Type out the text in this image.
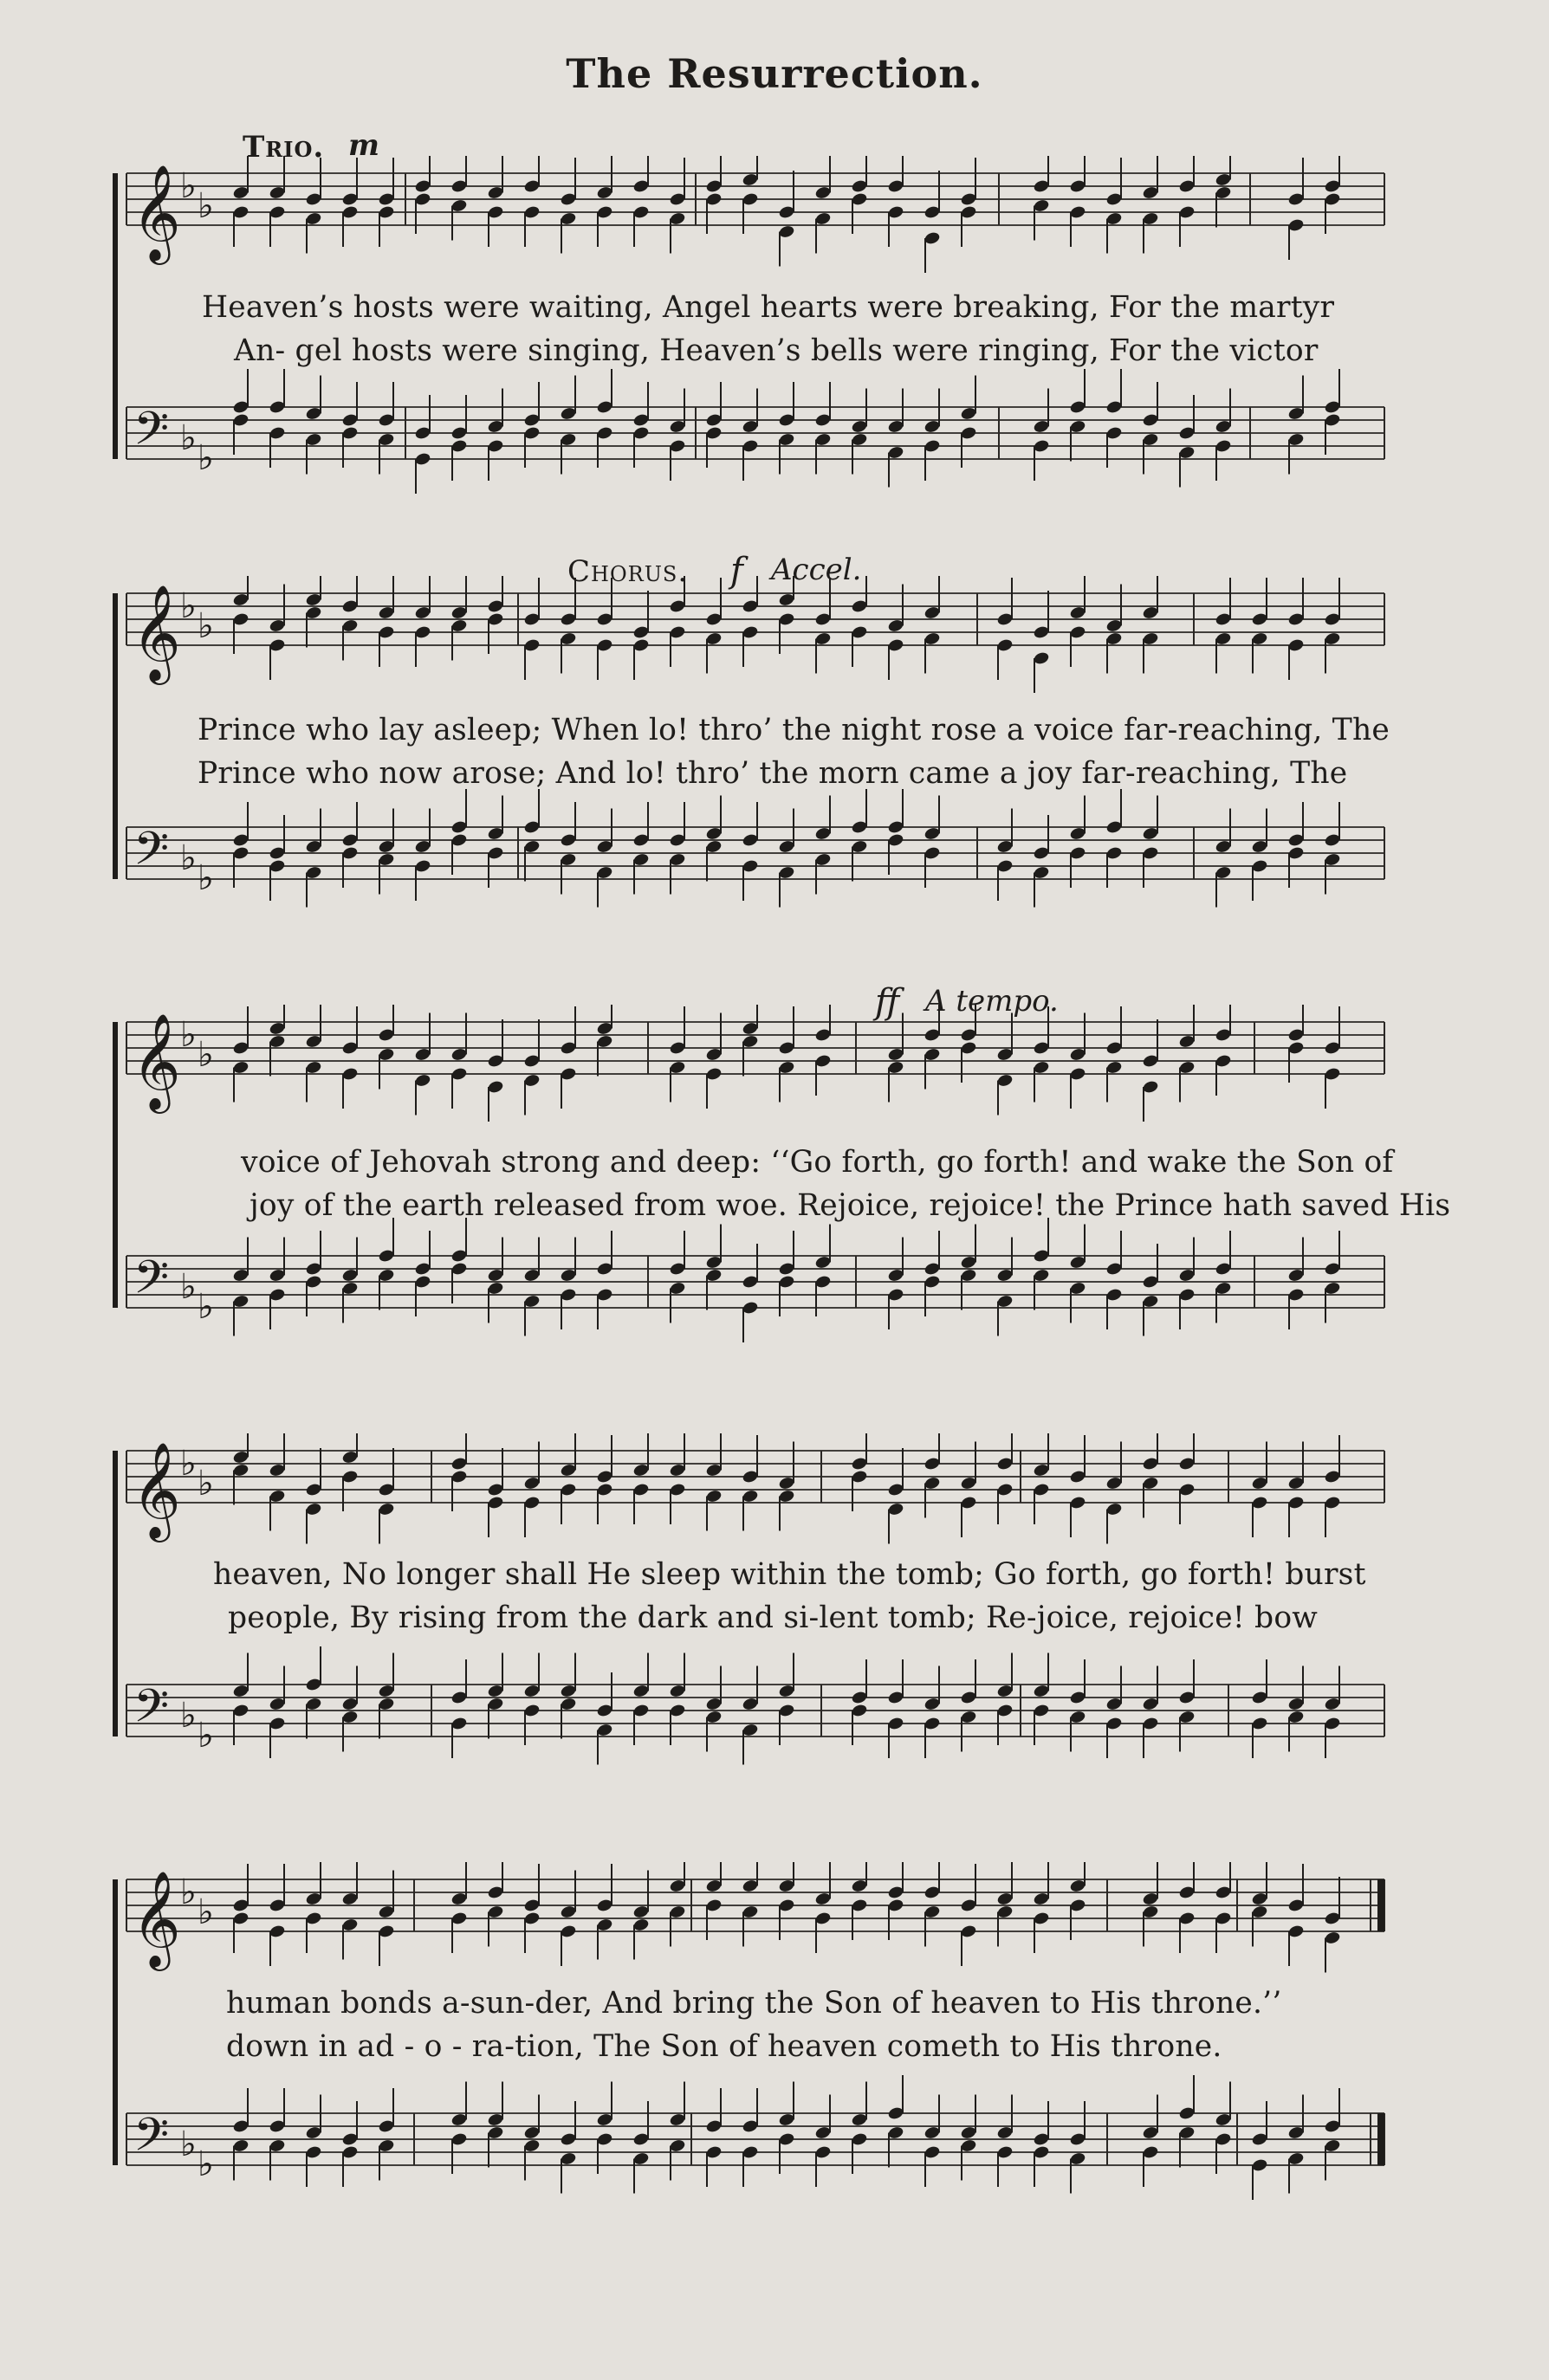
The Resurrection.
Trio. m
Chorus. f Accel.
ff A tempo.
𝄞
𝄢
♭ ♭
♭ ♭
Heaven’s hosts were waiting, Angel hearts were breaking, For the martyr
An- gel hosts were singing, Heaven’s bells were ringing, For the victor
𝄞
𝄢
♭ ♭
♭ ♭
Prince who lay asleep; When lo! thro’ the night rose a voice far-reaching, The
Prince who now arose; And lo! thro’ the morn came a joy far-reaching, The
𝄞
𝄢
♭ ♭
♭ ♭
voice of Jehovah strong and deep: ‘‘Go forth, go forth! and wake the Son of
joy of the earth released from woe. Rejoice, rejoice! the Prince hath saved His
𝄞
𝄢
♭ ♭
♭ ♭
heaven, No longer shall He sleep within the tomb; Go forth, go forth! burst
people, By rising from the dark and si-lent tomb; Re-joice, rejoice! bow
𝄞
𝄢
♭ ♭
♭ ♭
human bonds a-sun-der, And bring the Son of heaven to His throne.’’
down in ad - o - ra-tion, The Son of heaven cometh to His throne.
